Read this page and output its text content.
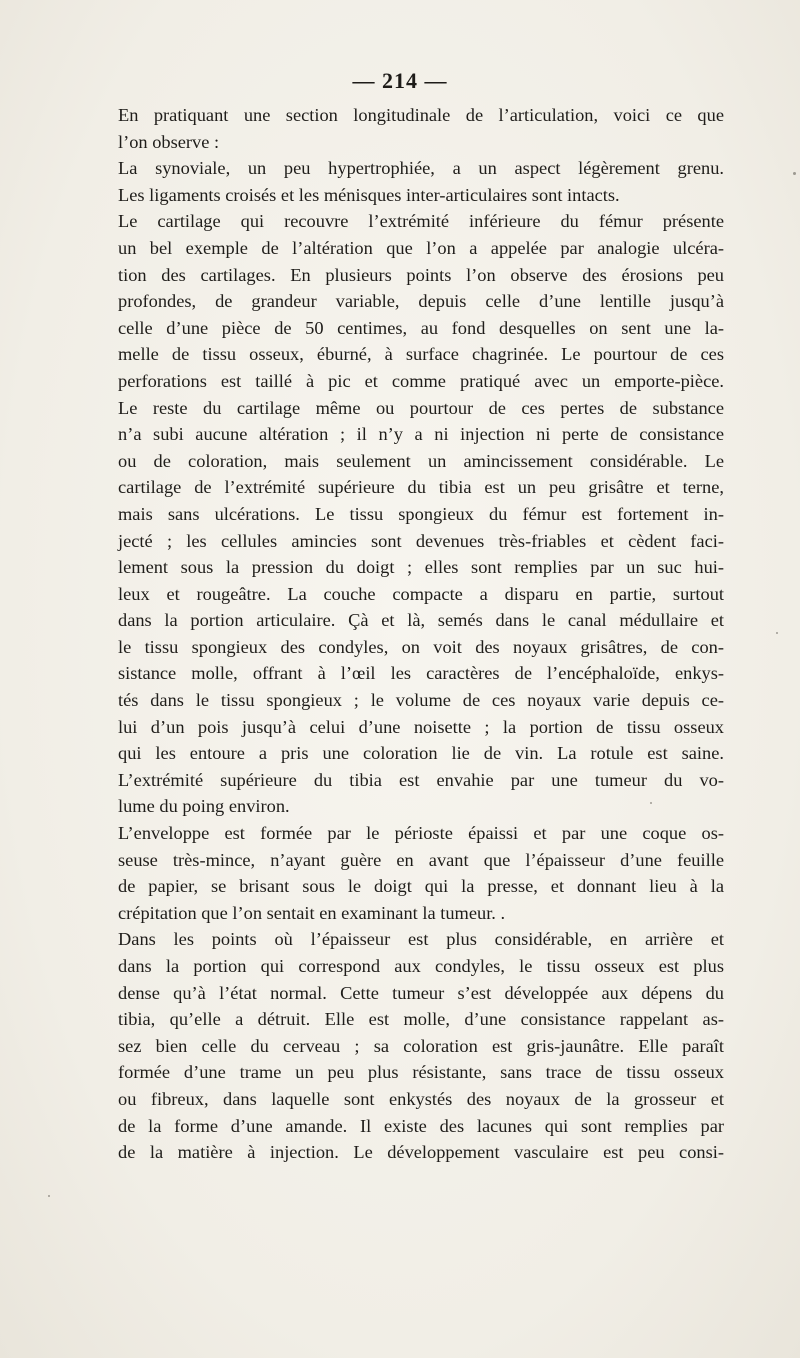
— 214 —
En pratiquant une section longitudinale de l’articulation, voici ce que
l’on observe :
La synoviale, un peu hypertrophiée, a un aspect légèrement grenu.
Les ligaments croisés et les ménisques inter-articulaires sont intacts.
Le cartilage qui recouvre l’extrémité inférieure du fémur présente
un bel exemple de l’altération que l’on a appelée par analogie ulcéra-
tion des cartilages. En plusieurs points l’on observe des érosions peu
profondes, de grandeur variable, depuis celle d’une lentille jusqu’à
celle d’une pièce de 50 centimes, au fond desquelles on sent une la-
melle de tissu osseux, éburné, à surface chagrinée. Le pourtour de ces
perforations est taillé à pic et comme pratiqué avec un emporte-pièce.
Le reste du cartilage même ou pourtour de ces pertes de substance
n’a subi aucune altération ; il n’y a ni injection ni perte de consistance
ou de coloration, mais seulement un amincissement considérable. Le
cartilage de l’extrémité supérieure du tibia est un peu grisâtre et terne,
mais sans ulcérations. Le tissu spongieux du fémur est fortement in-
jecté ; les cellules amincies sont devenues très-friables et cèdent faci-
lement sous la pression du doigt ; elles sont remplies par un suc hui-
leux et rougeâtre. La couche compacte a disparu en partie, surtout
dans la portion articulaire. Çà et là, semés dans le canal médullaire et
le tissu spongieux des condyles, on voit des noyaux grisâtres, de con-
sistance molle, offrant à l’œil les caractères de l’encéphaloïde, enkys-
tés dans le tissu spongieux ; le volume de ces noyaux varie depuis ce-
lui d’un pois jusqu’à celui d’une noisette ; la portion de tissu osseux
qui les entoure a pris une coloration lie de vin. La rotule est saine.
L’extrémité supérieure du tibia est envahie par une tumeur du vo-
lume du poing environ.
L’enveloppe est formée par le périoste épaissi et par une coque os-
seuse très-mince, n’ayant guère en avant que l’épaisseur d’une feuille
de papier, se brisant sous le doigt qui la presse, et donnant lieu à la
crépitation que l’on sentait en examinant la tumeur. .
Dans les points où l’épaisseur est plus considérable, en arrière et
dans la portion qui correspond aux condyles, le tissu osseux est plus
dense qu’à l’état normal. Cette tumeur s’est développée aux dépens du
tibia, qu’elle a détruit. Elle est molle, d’une consistance rappelant as-
sez bien celle du cerveau ; sa coloration est gris-jaunâtre. Elle paraît
formée d’une trame un peu plus résistante, sans trace de tissu osseux
ou fibreux, dans laquelle sont enkystés des noyaux de la grosseur et
de la forme d’une amande. Il existe des lacunes qui sont remplies par
de la matière à injection. Le développement vasculaire est peu consi-
